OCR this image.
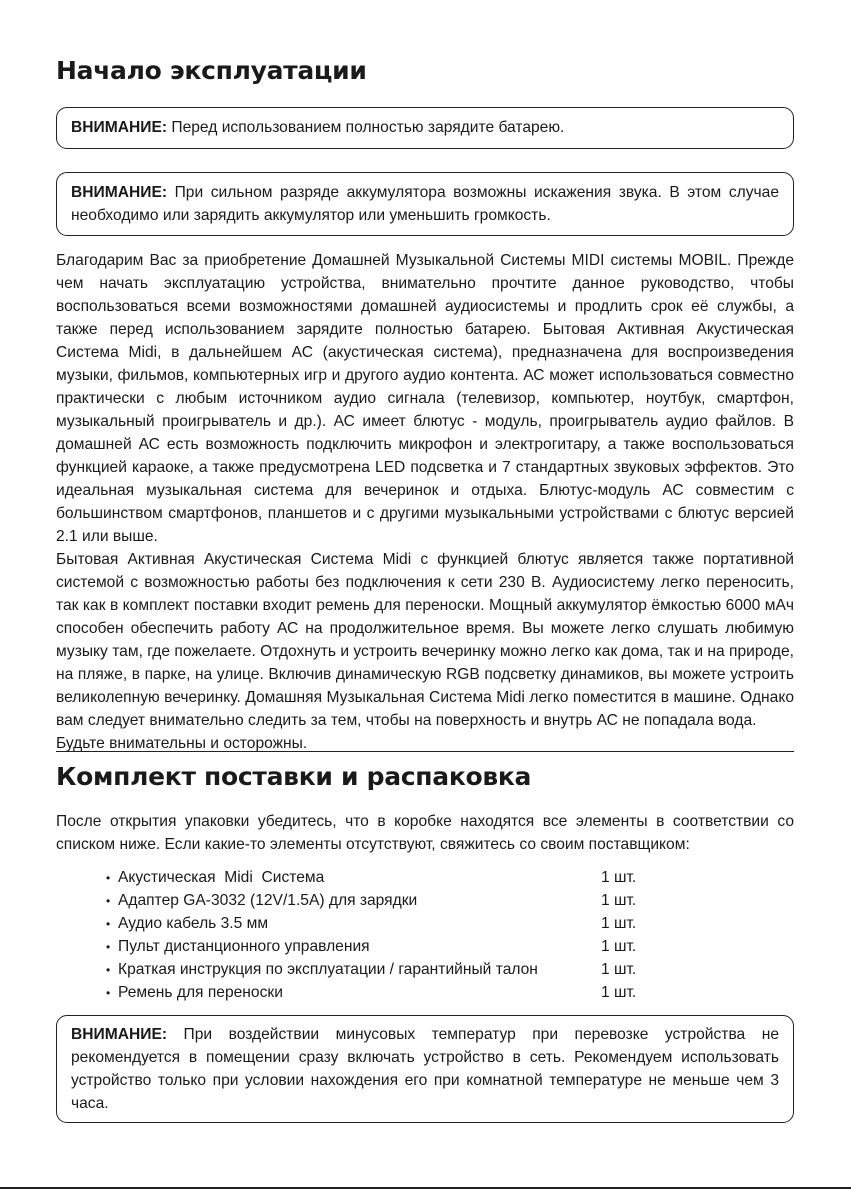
Начало эксплуатации
ВНИМАНИЕ: Перед использованием полностью зарядите батарею.
ВНИМАНИЕ: При сильном разряде аккумулятора возможны искажения звука. В этом случае необходимо или зарядить аккумулятор или уменьшить громкость.

Благодарим Вас за приобретение Домашней Музыкальной Системы MIDI системы MOBIL. Прежде чем начать эксплуатацию устройства, внимательно прочтите данное руководство, чтобы воспользоваться всеми возможностями домашней аудиосистемы и продлить срок её службы, а также перед использованием зарядите полностью батарею. Бытовая Активная Акустическая Система Midi, в дальнейшем АС (акустическая система), предназначена для воспроизведения музыки, фильмов, компьютерных игр и другого аудио контента. АС может использоваться совместно практически с любым источником аудио сигнала (телевизор, компьютер, ноутбук, смартфон, музыкальный проигрыватель и др.). АС имеет блютус - модуль, проигрыватель аудио файлов. В домашней АС есть возможность подключить микрофон и электрогитару, а также воспользоваться функцией караоке, а также предусмотрена LED подсветка и 7 стандартных звуковых эффектов. Это идеальная музыкальная система для вечеринок и отдыха. Блютус-модуль АС совместим с большинством смартфонов, планшетов и с другими музыкальными устройствами с блютус версией 2.1 или выше.

Бытовая Активная Акустическая Система Midi с функцией блютус является также портативной системой с возможностью работы без подключения к сети 230 В. Аудиосистему легко переносить, так как в комплект поставки входит ремень для переноски. Мощный аккумулятор ёмкостью 6000 мАч способен обеспечить работу АС на продолжительное время. Вы можете легко слушать любимую музыку там, где пожелаете. Отдохнуть и устроить вечеринку можно легко как дома, так и на природе, на пляже, в парке, на улице. Включив динамическую RGB подсветку динамиков, вы можете устроить великолепную вечеринку. Домашняя Музыкальная Система Midi легко поместится в машине. Однако вам следует внимательно следить за тем, чтобы на поверхность и внутрь АС не попадала вода.

Будьте внимательны и осторожны.

Комплект поставки и распаковка

После открытия упаковки убедитесь, что в коробке находятся все элементы в соответствии со списком ниже. Если какие-то элементы отсутствуют, свяжитесь со своим поставщиком:

• Акустическая  Midi  Система	1 шт.
• Адаптер GA-3032 (12V/1.5A) для зарядки	1 шт.
• Аудио кабель 3.5 мм	1 шт.
• Пульт дистанционного управления	1 шт.
• Краткая инструкция по эксплуатации / гарантийный талон	1 шт.
• Ремень для переноски	1 шт.
ВНИМАНИЕ: При воздействии минусовых температур при перевозке устройства не рекомендуется в помещении сразу включать устройство в сеть. Рекомендуем использовать устройство только при условии нахождения его при комнатной температуре не меньше чем 3 часа.
